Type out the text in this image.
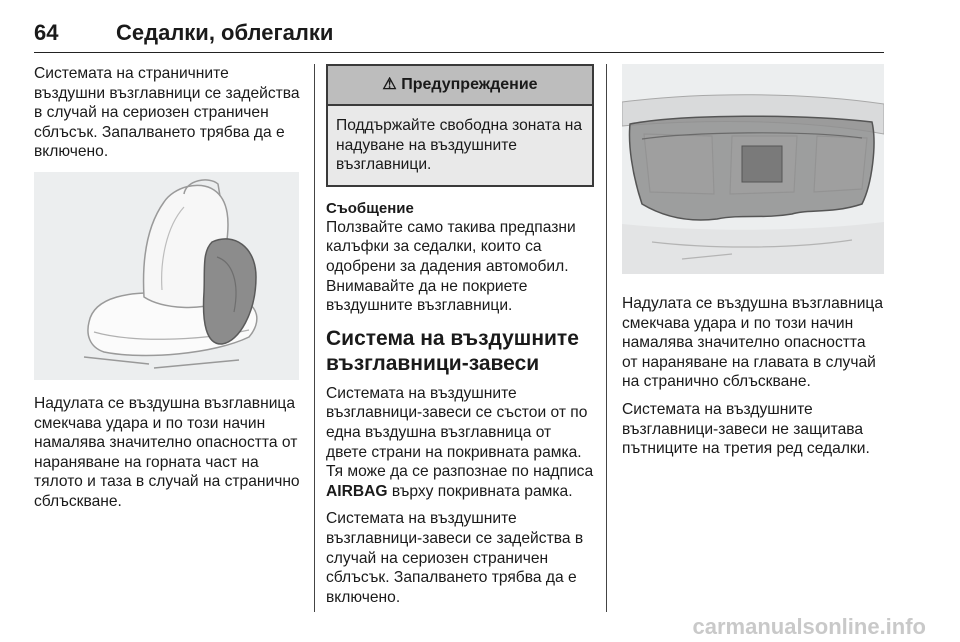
64	Седалки, облегалки

Системата на страничните въздушни възглавници се задейства в случай на сериозен страничен сблъсък. Запалването трябва да е включено.

Надулата се въздушна възглавница смекчава удара и по този начин намалява значително опасността от нараняване на горната част на тялото и таза в случай на странично сблъскване.

⚠ Предупреждение
Поддържайте свободна зоната на надуване на въздушните възглавници.
Съобщение

Ползвайте само такива предпазни калъфки за седалки, които са одобрени за дадения автомобил. Внимавайте да не покриете въздушните възглавници.

Система на въздушните възглавници-завеси

Системата на въздушните възглавници-завеси се състои от по една въздушна възглавница от двете страни на покривната рамка. Тя може да се разпознае по надписа AIRBAG върху покривната рамка.

Системата на въздушните възглавници-завеси се задейства в случай на сериозен страничен сблъсък. Запалването трябва да е включено.

Надулата се въздушна възглавница смекчава удара и по този начин намалява значително опасността от нараняване на главата в случай на странично сблъскване.

Системата на въздушните възглавници-завеси не защитава пътниците на третия ред седалки.

carmanualsonline.info
